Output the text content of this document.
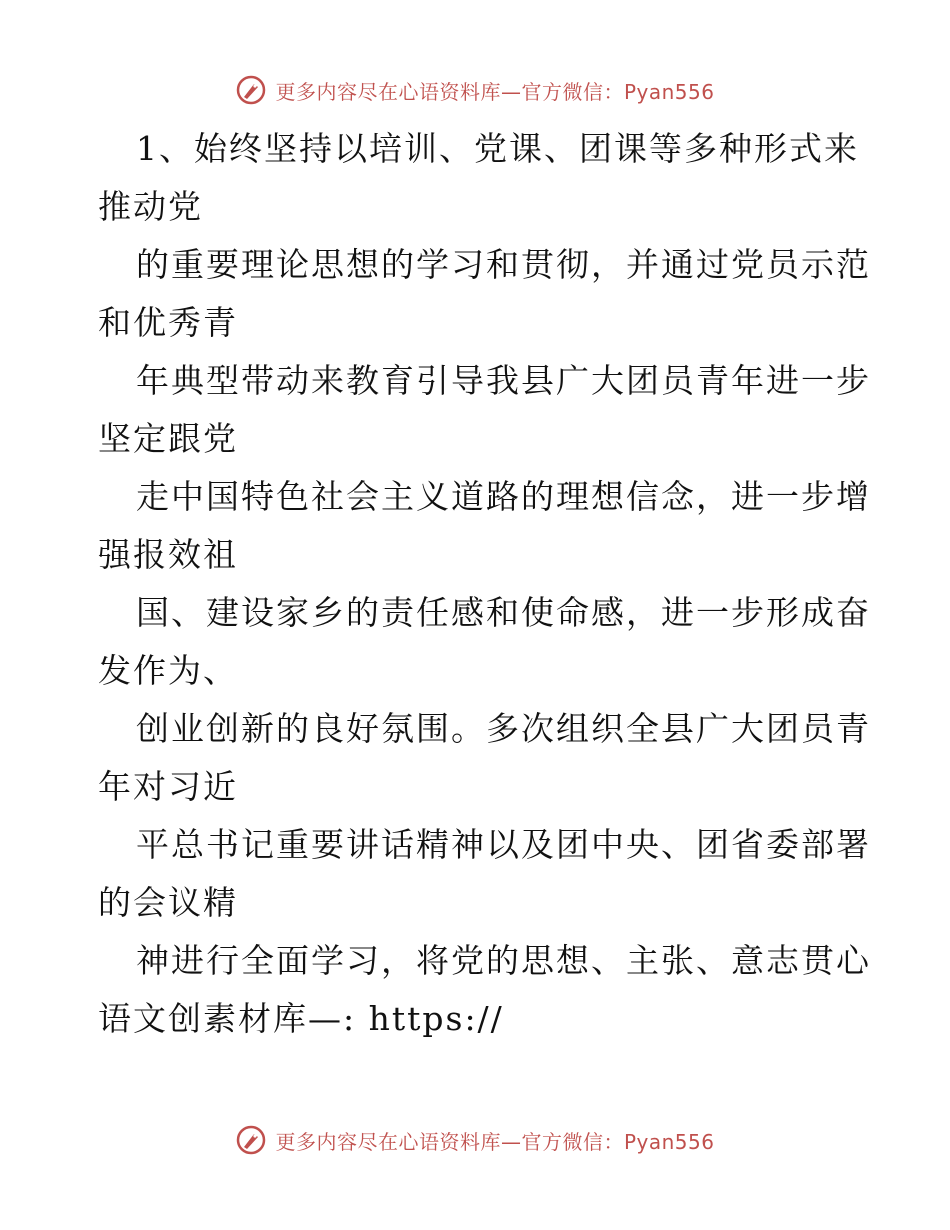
更多内容尽在心语资料库—官方微信：Pyan556
1、始终坚持以培训、党课、团课等多种形式来
推动党
的重要理论思想的学习和贯彻，并通过党员示范
和优秀青
年典型带动来教育引导我县广大团员青年进一步
坚定跟党
走中国特色社会主义道路的理想信念，进一步增
强报效祖
国、建设家乡的责任感和使命感，进一步形成奋
发作为、
创业创新的良好氛围。多次组织全县广大团员青
年对习近
平总书记重要讲话精神以及团中央、团省委部署
的会议精
神进行全面学习，将党的思想、主张、意志贯心
语文创素材库—: https://
更多内容尽在心语资料库—官方微信：Pyan556
